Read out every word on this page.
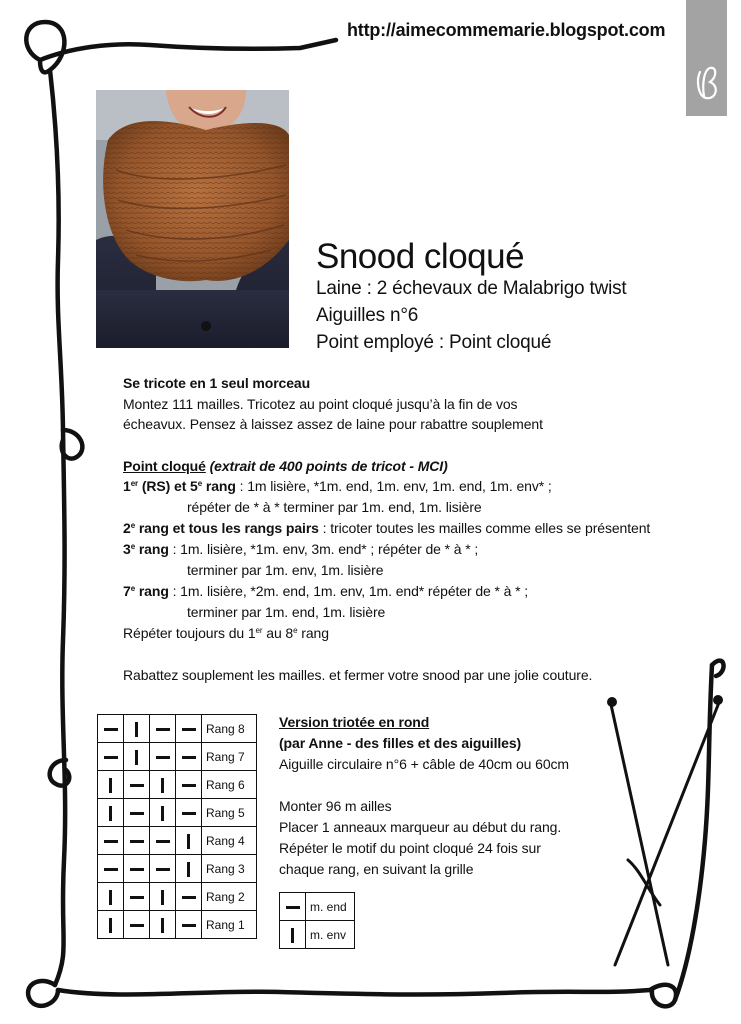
http://aimecommemarie.blogspot.com
Snood cloqué
Laine : 2 échevaux de Malabrigo twist
Aiguilles n°6
Point employé : Point cloqué
Se tricote en 1 seul morceau
Montez 111 mailles. Tricotez au point cloqué jusqu’à la fin de vos
écheavux. Pensez à laissez assez de laine pour rabattre souplement
Point cloqué (extrait de 400 points de tricot - MCI)
1er (RS) et 5e rang : 1m lisière, *1m. end, 1m. env, 1m. end, 1m. env* ;
répéter de * à * terminer par 1m. end, 1m. lisière
2e rang et tous les rangs pairs : tricoter toutes les mailles comme elles se présentent
3e rang : 1m. lisière, *1m. env, 3m. end* ; répéter de * à * ;
terminer par 1m. env, 1m. lisière
7e rang : 1m. lisière, *2m. end, 1m. env, 1m. end* répéter de * à * ;
terminer par 1m. end, 1m. lisière
Répéter toujours du 1er au 8e rang
Rabattez souplement les mailles. et fermer votre snood par une jolie couture.
				Rang 8
				Rang 7
				Rang 6
				Rang 5
				Rang 4
				Rang 3
				Rang 2
				Rang 1
Version triotée en rond
(par Anne - des filles et des aiguilles)
Aiguille circulaire n°6 + câble de 40cm ou 60cm
Monter 96 m ailles
Placer 1 anneaux marqueur au début du rang.
Répéter le motif du point cloqué 24 fois sur
chaque rang, en suivant la grille
	m. end
	m. env
